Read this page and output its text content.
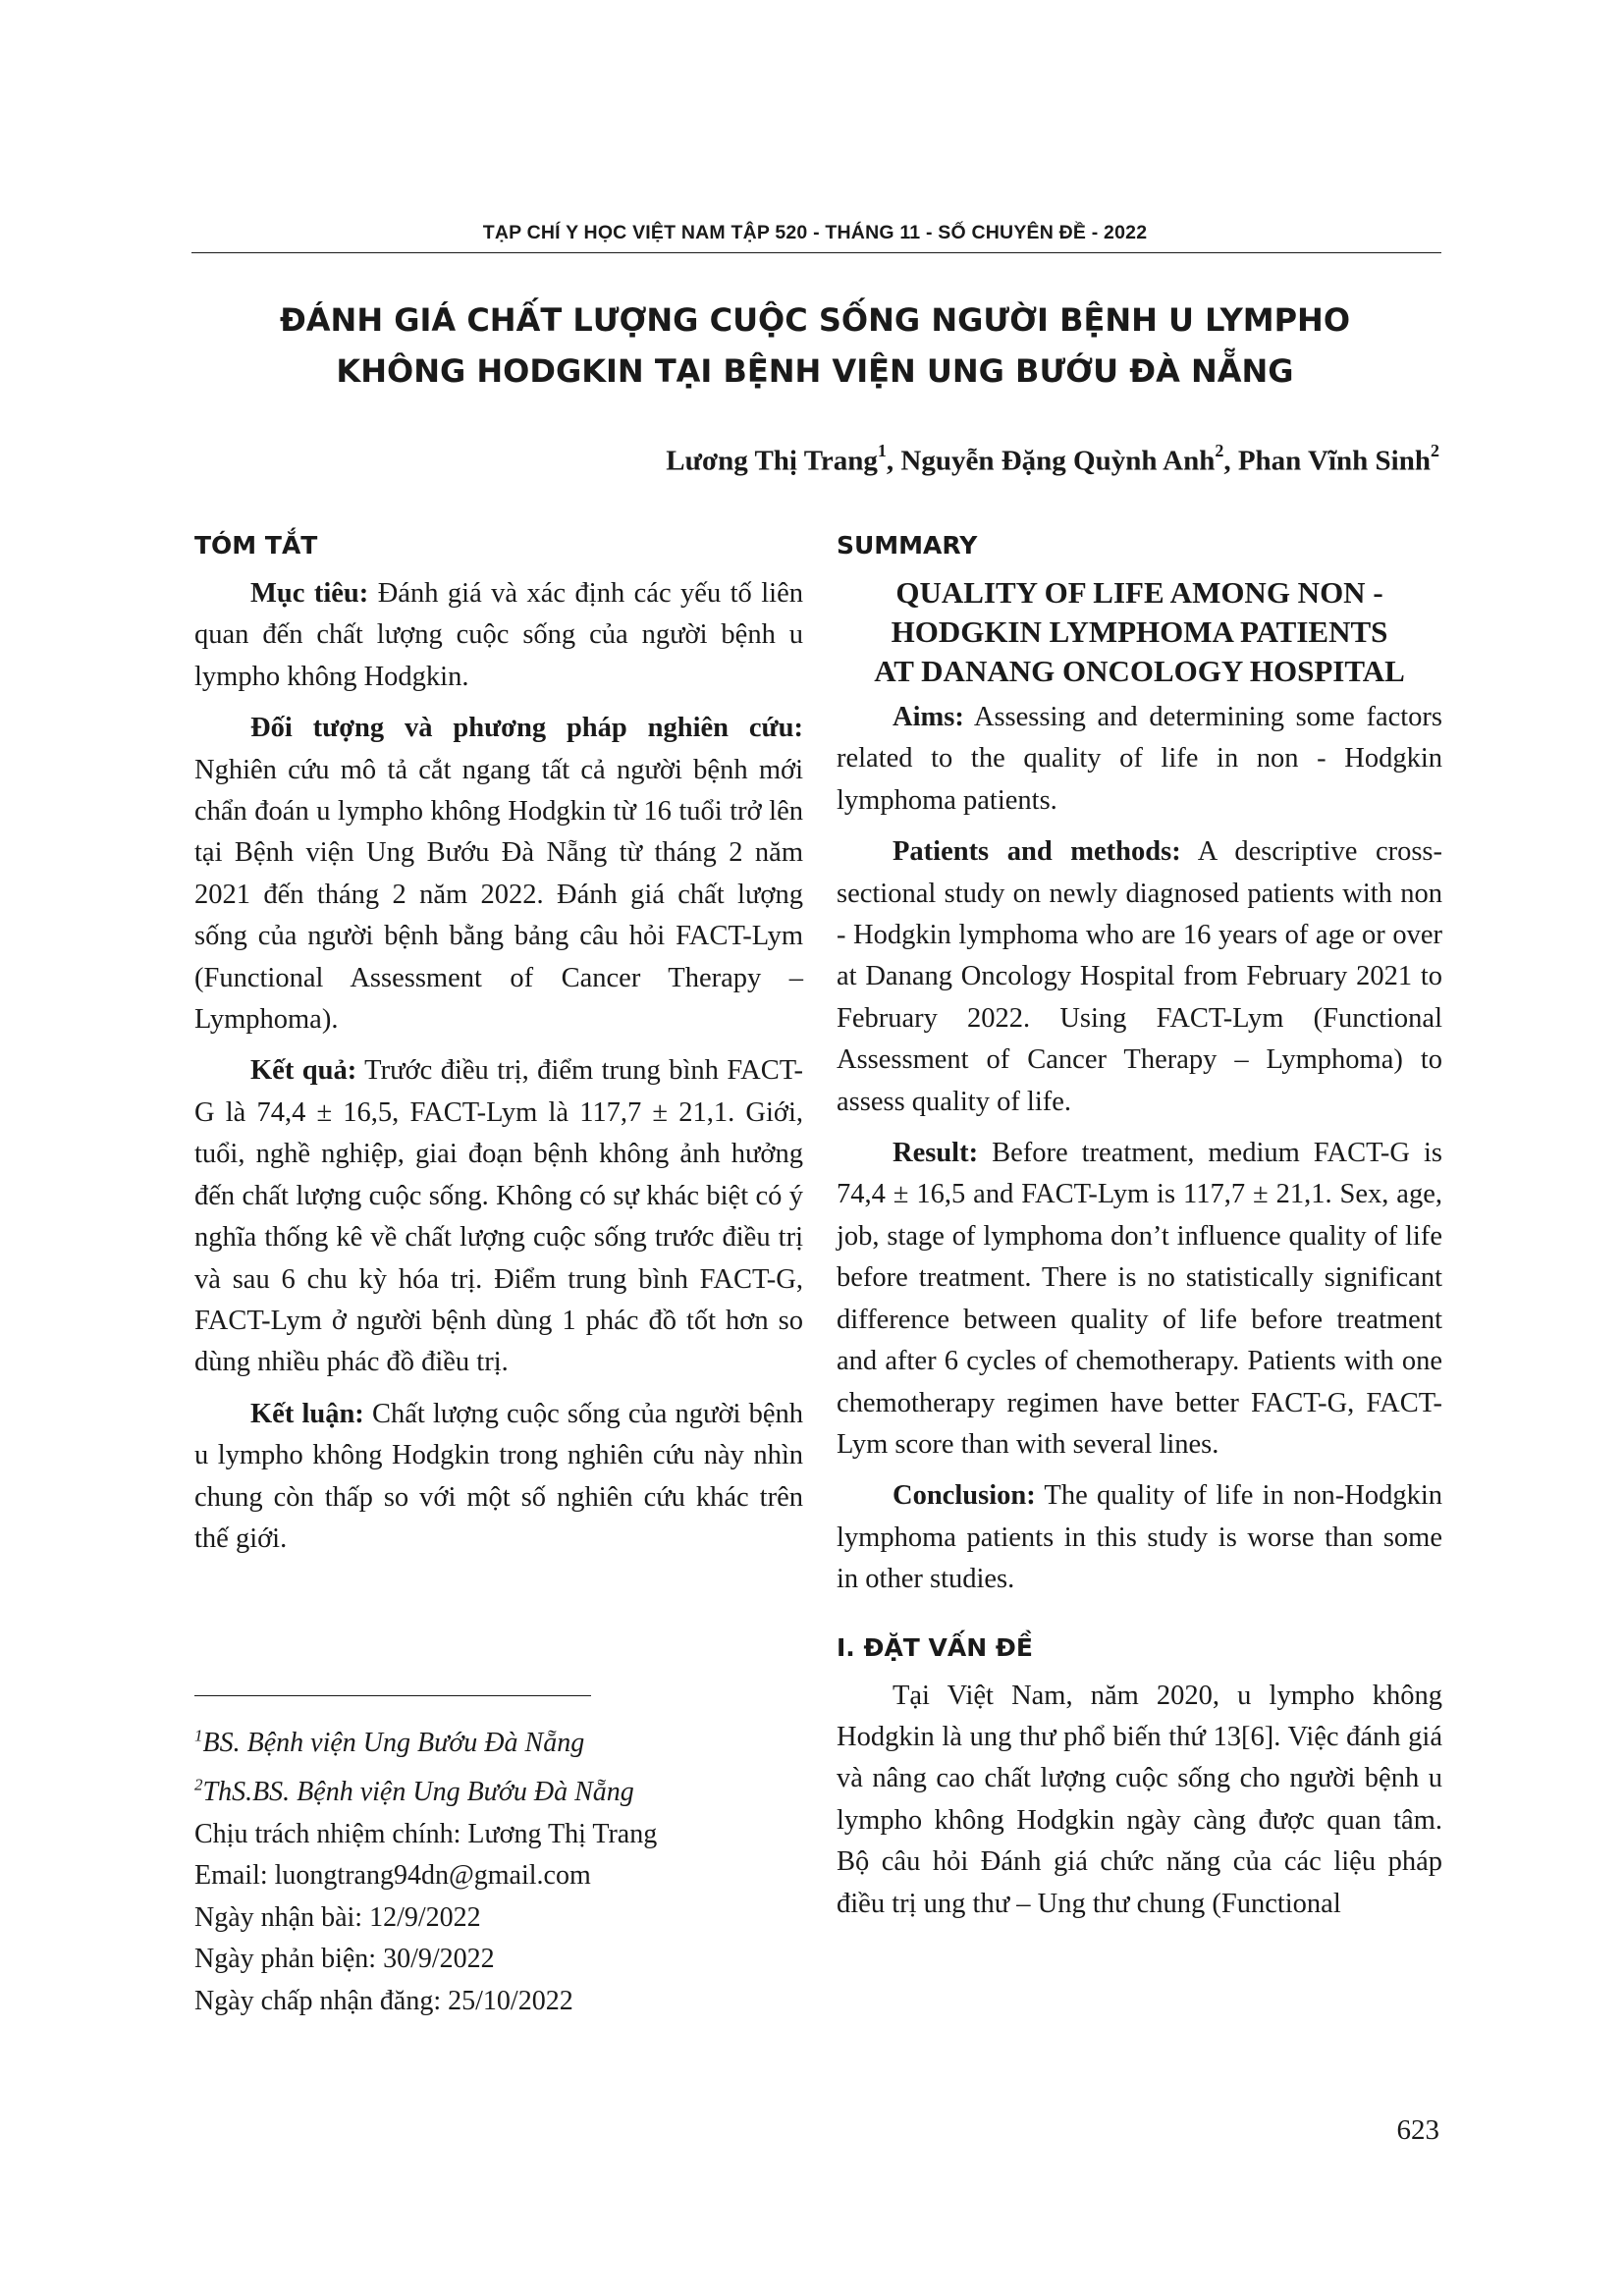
TẠP CHÍ Y HỌC VIỆT NAM TẬP 520 - THÁNG 11 - SỐ CHUYÊN ĐỀ - 2022
ĐÁNH GIÁ CHẤT LƯỢNG CUỘC SỐNG NGƯỜI BỆNH U LYMPHO
KHÔNG HODGKIN TẠI BỆNH VIỆN UNG BƯỚU ĐÀ NẴNG
Lương Thị Trang$^1$, Nguyễn Đặng Quỳnh Anh$^2$, Phan Vĩnh Sinh$^2$
TÓM TẮT

Mục tiêu: Đánh giá và xác định các yếu tố liên quan đến chất lượng cuộc sống của người bệnh u lympho không Hodgkin.

Đối tượng và phương pháp nghiên cứu: Nghiên cứu mô tả cắt ngang tất cả người bệnh mới chẩn đoán u lympho không Hodgkin từ 16 tuổi trở lên tại Bệnh viện Ung Bướu Đà Nẵng từ tháng 2 năm 2021 đến tháng 2 năm 2022. Đánh giá chất lượng sống của người bệnh bằng bảng câu hỏi FACT-Lym (Functional Assessment of Cancer Therapy – Lymphoma).

Kết quả: Trước điều trị, điểm trung bình FACT-G là 74,4 ± 16,5, FACT-Lym là 117,7 ± 21,1. Giới, tuổi, nghề nghiệp, giai đoạn bệnh không ảnh hưởng đến chất lượng cuộc sống. Không có sự khác biệt có ý nghĩa thống kê về chất lượng cuộc sống trước điều trị và sau 6 chu kỳ hóa trị. Điểm trung bình FACT-G, FACT-Lym ở người bệnh dùng 1 phác đồ tốt hơn so dùng nhiều phác đồ điều trị.

Kết luận: Chất lượng cuộc sống của người bệnh u lympho không Hodgkin trong nghiên cứu này nhìn chung còn thấp so với một số nghiên cứu khác trên thế giới.

$^1$BS. Bệnh viện Ung Bướu Đà Nẵng
$^2$ThS.BS. Bệnh viện Ung Bướu Đà Nẵng
Chịu trách nhiệm chính: Lương Thị Trang
Email: luongtrang94dn@gmail.com
Ngày nhận bài: 12/9/2022
Ngày phản biện: 30/9/2022
Ngày chấp nhận đăng: 25/10/2022
SUMMARY
QUALITY OF LIFE AMONG NON -
HODGKIN LYMPHOMA PATIENTS
AT DANANG ONCOLOGY HOSPITAL

Aims: Assessing and determining some factors related to the quality of life in non - Hodgkin lymphoma patients.

Patients and methods: A descriptive cross-sectional study on newly diagnosed patients with non - Hodgkin lymphoma who are 16 years of age or over at Danang Oncology Hospital from February 2021 to February 2022. Using FACT-Lym (Functional Assessment of Cancer Therapy – Lymphoma) to assess quality of life.

Result: Before treatment, medium FACT-G is 74,4 ± 16,5 and FACT-Lym is 117,7 ± 21,1. Sex, age, job, stage of lymphoma don’t influence quality of life before treatment. There is no statistically significant difference between quality of life before treatment and after 6 cycles of chemotherapy. Patients with one chemotherapy regimen have better FACT-G, FACT-Lym score than with several lines.

Conclusion: The quality of life in non-Hodgkin lymphoma patients in this study is worse than some in other studies.

I. ĐẶT VẤN ĐỀ

Tại Việt Nam, năm 2020, u lympho không Hodgkin là ung thư phổ biến thứ 13[6]. Việc đánh giá và nâng cao chất lượng cuộc sống cho người bệnh u lympho không Hodgkin ngày càng được quan tâm. Bộ câu hỏi Đánh giá chức năng của các liệu pháp điều trị ung thư – Ung thư chung (Functional

623
